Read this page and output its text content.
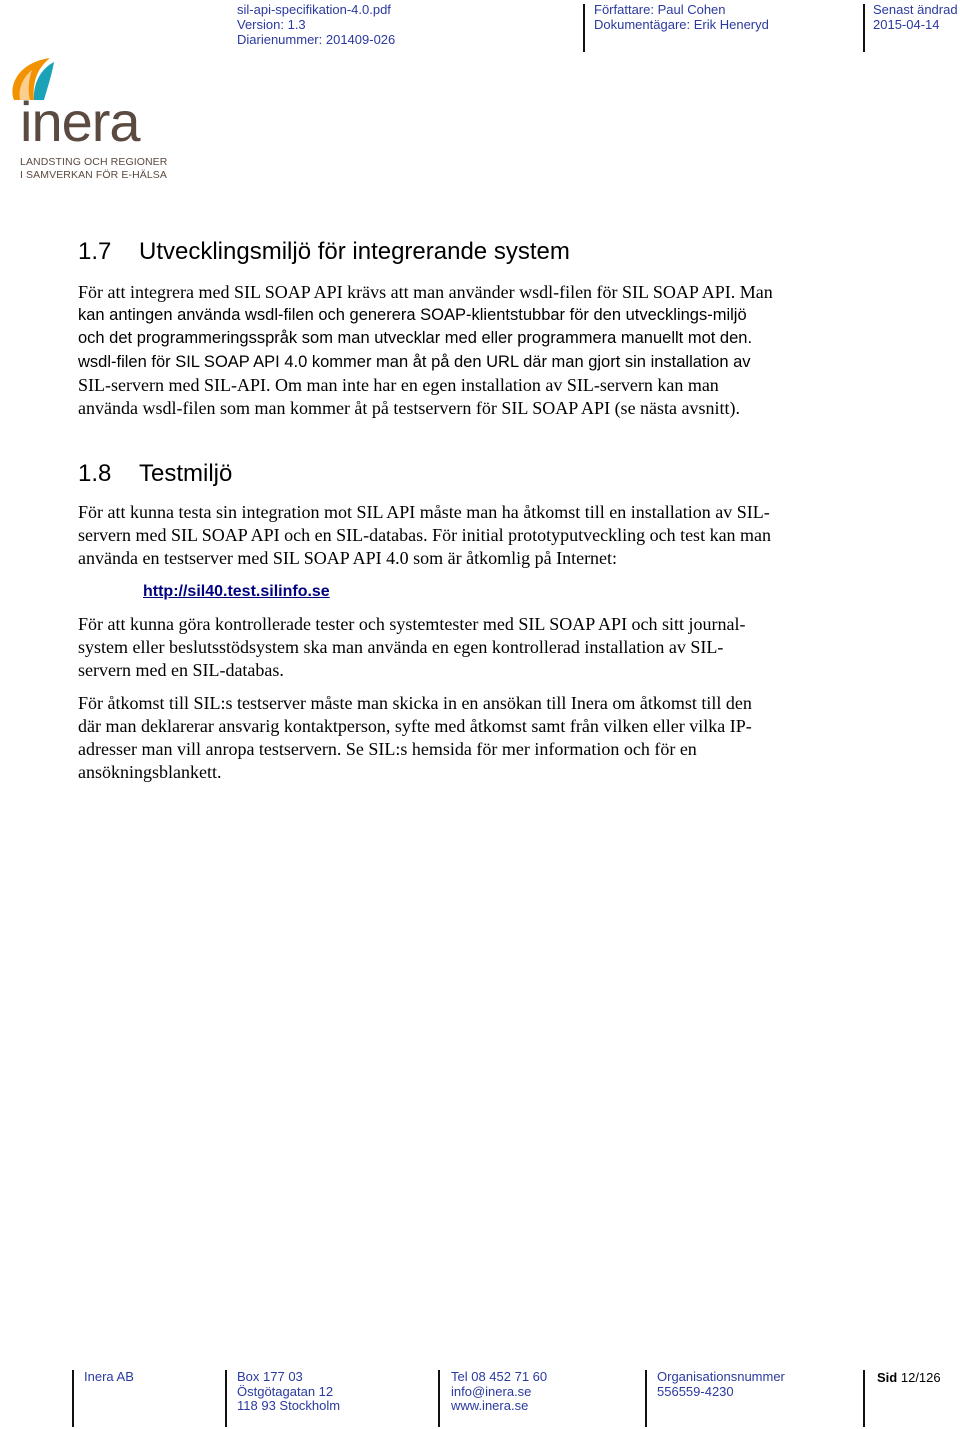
sil-api-specifikation-4.0.pdf
Version: 1.3
Diarienummer: 201409-026
Författare: Paul Cohen
Dokumentägare: Erik Heneryd
Senast ändrad
2015-04-14
inera
LANDSTING OCH REGIONER
I SAMVERKAN FÖR E-HÄLSA
1.7 Utvecklingsmiljö för integrerande system
För att integrera med SIL SOAP API krävs att man använder wsdl-filen för SIL SOAP API. Man
kan antingen använda wsdl-filen och generera SOAP-klientstubbar för den utvecklings-miljö
och det programmeringsspråk som man utvecklar med eller programmera manuellt mot den.
wsdl-filen för SIL SOAP API 4.0 kommer man åt på den URL där man gjort sin installation av
SIL-servern med SIL-API. Om man inte har en egen installation av SIL-servern kan man
använda wsdl-filen som man kommer åt på testservern för SIL SOAP API (se nästa avsnitt).
1.8 Testmiljö
För att kunna testa sin integration mot SIL API måste man ha åtkomst till en installation av SIL-
servern med SIL SOAP API och en SIL-databas. För initial prototyputveckling och test kan man
använda en testserver med SIL SOAP API 4.0 som är åtkomlig på Internet:
http://sil40.test.silinfo.se
För att kunna göra kontrollerade tester och systemtester med SIL SOAP API och sitt journal-
system eller beslutsstödsystem ska man använda en egen kontrollerad installation av SIL-
servern med en SIL-databas.
För åtkomst till SIL:s testserver måste man skicka in en ansökan till Inera om åtkomst till den
där man deklarerar ansvarig kontaktperson, syfte med åtkomst samt från vilken eller vilka IP-
adresser man vill anropa testservern. Se SIL:s hemsida för mer information och för en
ansökningsblankett.
Inera AB	Box 177 03
Östgötagatan 12
118 93 Stockholm
Tel 08 452 71 60
info@inera.se
www.inera.se
Organisationsnummer
556559-4230
Sid 12/126
